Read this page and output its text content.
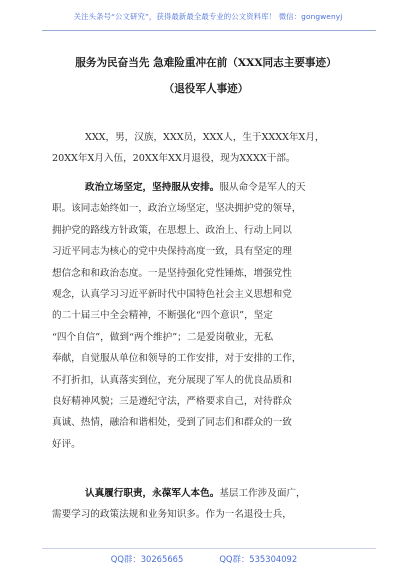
关注头条号“公文研究”，获得最新最全最专业的公文资料库！ 微信：gongwenyj
服务为民奋当先 急难险重冲在前（XXX同志主要事迹）
（退役军人事迹）
XXX，男，汉族，XXX员，XXX人，生于XXXX年X月，
20XX年X月入伍，20XX年XX月退役，现为XXXX干部。
政治立场坚定，坚持服从安排。服从命令是军人的天
职。该同志始终如一，政治立场坚定，坚决拥护党的领导，
拥护党的路线方针政策，在思想上、政治上、行动上同以
习近平同志为核心的党中央保持高度一致，具有坚定的理
想信念和和政治态度。一是坚持强化党性锤炼，增强党性
观念，认真学习习近平新时代中国特色社会主义思想和党
的二十届三中全会精神，不断强化“四个意识”，坚定
“四个自信”，做到“两个维护”；二是爱岗敬业，无私
奉献，自觉服从单位和领导的工作安排，对于安排的工作，
不打折扣，认真落实到位，充分展现了军人的优良品质和
良好精神风貌；三是遵纪守法，严格要求自己，对待群众
真诚、热情，融洽和谐相处，受到了同志们和群众的一致
好评。
认真履行职责，永葆军人本色。基层工作涉及面广，
需要学习的政策法规和业务知识多。作为一名退役士兵，
QQ群：30265665	QQ群：535304092
